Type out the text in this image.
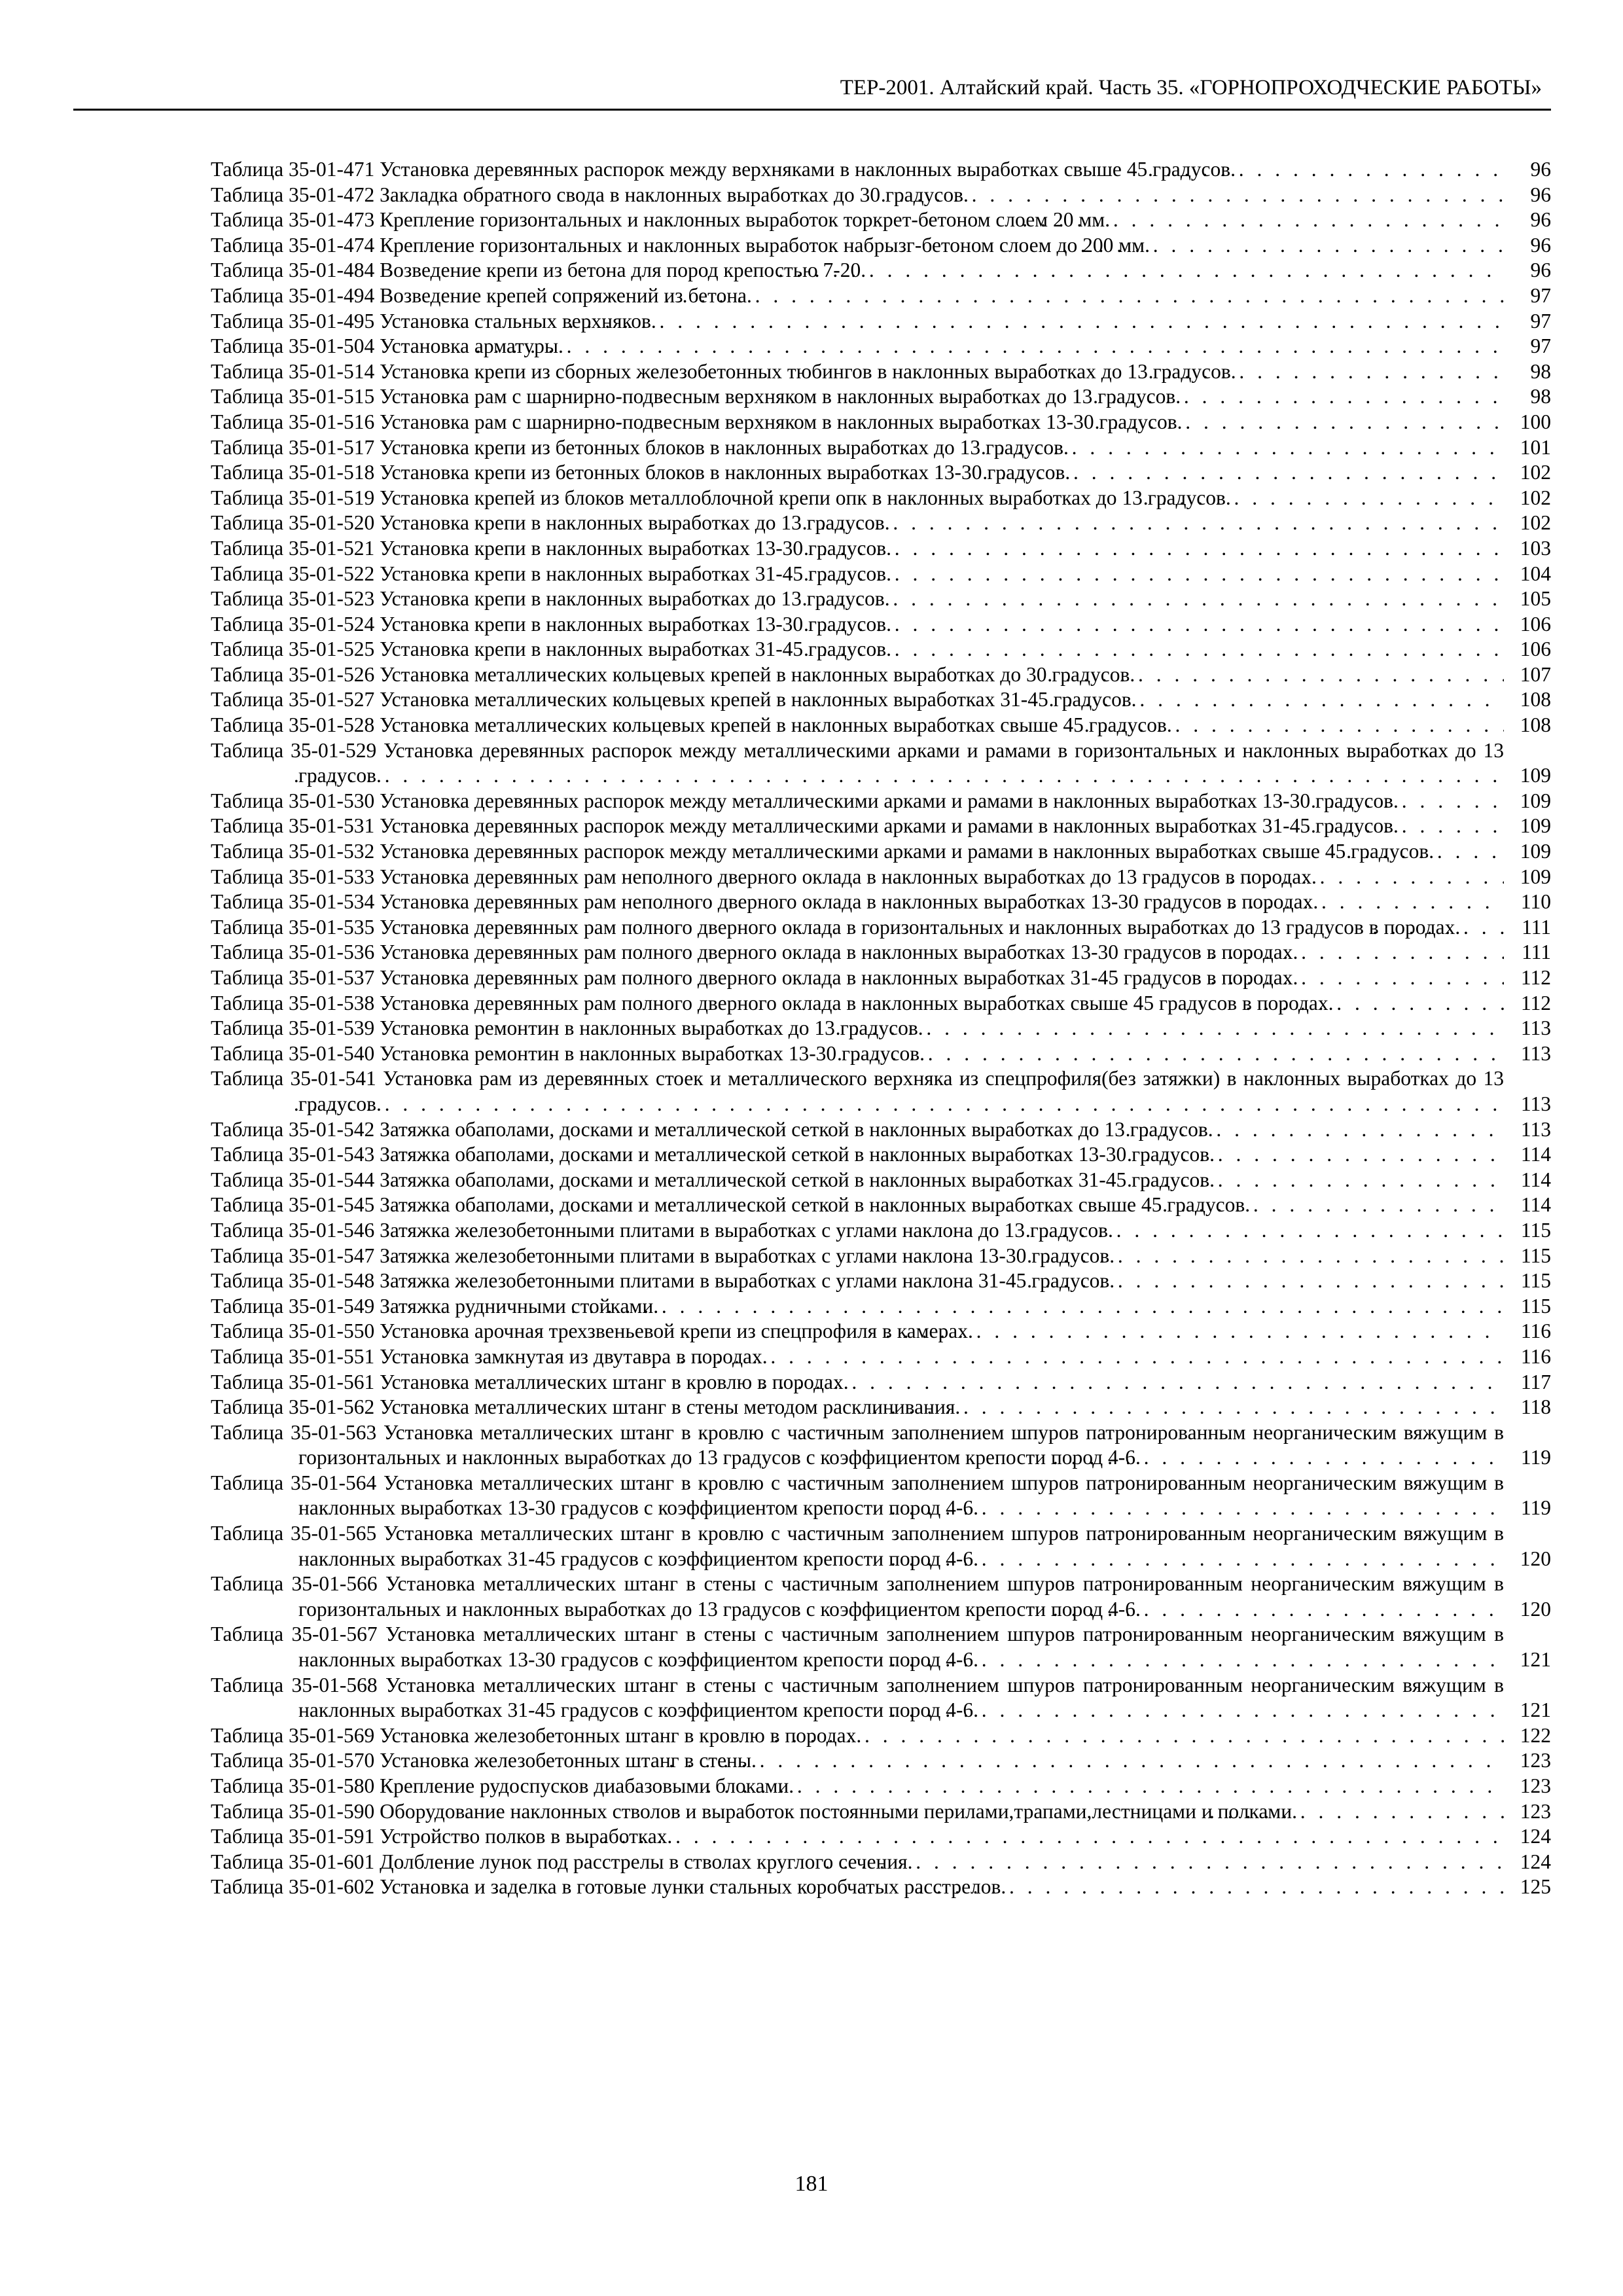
ТЕР-2001. Алтайский край. Часть 35. «ГОРНОПРОХОДЧЕСКИЕ РАБОТЫ»
Таблица 35-01-471 Установка деревянных распорок между верхняками в наклонных выработках свыше 45 градусов. . . .	96
Таблица 35-01-472 Закладка обратного свода в наклонных выработках до 30 градусов. . . .	96
Таблица 35-01-473 Крепление горизонтальных и наклонных выработок торкрет-бетоном слоем 20 мм. . . .	96
Таблица 35-01-474 Крепление горизонтальных и наклонных выработок набрызг-бетоном слоем до 200 мм. . . .	96
Таблица 35-01-484 Возведение крепи из бетона для пород крепостью 7-20. . . .	96
Таблица 35-01-494 Возведение крепей сопряжений из бетона. . . .	97
Таблица 35-01-495 Установка стальных верхняков. . . .	97
Таблица 35-01-504 Установка арматуры. . . .	97
Таблица 35-01-514 Установка крепи из сборных железобетонных тюбингов в наклонных выработках до 13 градусов. . . .	98
Таблица 35-01-515 Установка рам с шарнирно-подвесным верхняком в наклонных выработках до 13 градусов. . . .	98
Таблица 35-01-516 Установка рам с шарнирно-подвесным верхняком в наклонных выработках 13-30 градусов. . . .	100
Таблица 35-01-517 Установка крепи из бетонных блоков в наклонных выработках до 13 градусов. . . .	101
Таблица 35-01-518 Установка крепи из бетонных блоков в наклонных выработках 13-30 градусов. . . .	102
Таблица 35-01-519 Установка крепей из блоков металлоблочной крепи опк в наклонных выработках до 13 градусов. . . .	102
Таблица 35-01-520 Установка крепи в наклонных выработках до 13 градусов. . . .	102
Таблица 35-01-521 Установка крепи в наклонных выработках 13-30 градусов. . . .	103
Таблица 35-01-522 Установка крепи в наклонных выработках 31-45 градусов. . . .	104
Таблица 35-01-523 Установка крепи в наклонных выработках до 13 градусов. . . .	105
Таблица 35-01-524 Установка крепи в наклонных выработках 13-30 градусов. . . .	106
Таблица 35-01-525 Установка крепи в наклонных выработках 31-45 градусов. . . .	106
Таблица 35-01-526 Установка металлических кольцевых крепей в наклонных выработках до 30 градусов. . . .	107
Таблица 35-01-527 Установка металлических кольцевых крепей в наклонных выработках 31-45 градусов. . . .	108
Таблица 35-01-528 Установка металлических кольцевых крепей в наклонных выработках свыше 45 градусов. . . .	108
Таблица 35-01-529 Установка деревянных распорок между металлическими арками и рамами в горизонтальных и наклонных выработках до 13 градусов. . . .	109
Таблица 35-01-530 Установка деревянных распорок между металлическими арками и рамами в наклонных выработках 13-30 градусов. . . .	109
Таблица 35-01-531 Установка деревянных распорок между металлическими арками и рамами в наклонных выработках 31-45 градусов. . . .	109
Таблица 35-01-532 Установка деревянных распорок между металлическими арками и рамами в наклонных выработках свыше 45 градусов. . . .	109
Таблица 35-01-533 Установка деревянных рам неполного дверного оклада в наклонных выработках до 13 градусов в породах. . . .	109
Таблица 35-01-534 Установка деревянных рам неполного дверного оклада в наклонных выработках 13-30 градусов в породах. . . .	110
Таблица 35-01-535 Установка деревянных рам полного дверного оклада в горизонтальных и наклонных выработках до 13 градусов в породах. . . .	111
Таблица 35-01-536 Установка деревянных рам полного дверного оклада в наклонных выработках 13-30 градусов в породах. . . .	111
Таблица 35-01-537 Установка деревянных рам полного дверного оклада в наклонных выработках 31-45 градусов в породах. . . .	112
Таблица 35-01-538 Установка деревянных рам полного дверного оклада в наклонных выработках свыше 45 градусов в породах. . . .	112
Таблица 35-01-539 Установка ремонтин в наклонных выработках до 13 градусов. . . .	113
Таблица 35-01-540 Установка ремонтин в наклонных выработках 13-30 градусов. . . .	113
Таблица 35-01-541 Установка рам из деревянных стоек и металлического верхняка из спецпрофиля(без затяжки) в наклонных выработках до 13 градусов. . . .	113
Таблица 35-01-542 Затяжка обаполами, досками и металлической сеткой в наклонных выработках до 13 градусов. . . .	113
Таблица 35-01-543 Затяжка обаполами, досками и металлической сеткой в наклонных выработках 13-30 градусов. . . .	114
Таблица 35-01-544 Затяжка обаполами, досками и металлической сеткой в наклонных выработках 31-45 градусов. . . .	114
Таблица 35-01-545 Затяжка обаполами, досками и металлической сеткой в наклонных выработках свыше 45 градусов. . . .	114
Таблица 35-01-546 Затяжка железобетонными плитами в выработках с углами наклона до 13 градусов. . . .	115
Таблица 35-01-547 Затяжка железобетонными плитами в выработках с углами наклона 13-30 градусов. . . .	115
Таблица 35-01-548 Затяжка железобетонными плитами в выработках с углами наклона 31-45 градусов. . . .	115
Таблица 35-01-549 Затяжка рудничными стойками. . . .	115
Таблица 35-01-550 Установка арочная трехзвеньевой крепи из спецпрофиля в камерах. . . .	116
Таблица 35-01-551 Установка замкнутая из двутавра в породах. . . .	116
Таблица 35-01-561 Установка металлических штанг в кровлю в породах. . . .	117
Таблица 35-01-562 Установка металлических штанг в стены методом расклинивания. . . .	118
Таблица 35-01-563 Установка металлических штанг в кровлю с частичным заполнением шпуров патронированным неорганическим вяжущим в горизонтальных и наклонных выработках до 13 градусов с коэффициентом крепости пород 4-6. . . .	119
Таблица 35-01-564 Установка металлических штанг в кровлю с частичным заполнением шпуров патронированным неорганическим вяжущим в наклонных выработках 13-30 градусов с коэффициентом крепости пород 4-6. . . .	119
Таблица 35-01-565 Установка металлических штанг в кровлю с частичным заполнением шпуров патронированным неорганическим вяжущим в наклонных выработках 31-45 градусов с коэффициентом крепости пород 4-6. . . .	120
Таблица 35-01-566 Установка металлических штанг в стены с частичным заполнением шпуров патронированным неорганическим вяжущим в горизонтальных и наклонных выработках до 13 градусов с коэффициентом крепости пород 4-6. . . .	120
Таблица 35-01-567 Установка металлических штанг в стены с частичным заполнением шпуров патронированным неорганическим вяжущим в наклонных выработках 13-30 градусов с коэффициентом крепости пород 4-6. . . .	121
Таблица 35-01-568 Установка металлических штанг в стены с частичным заполнением шпуров патронированным неорганическим вяжущим в наклонных выработках 31-45 градусов с коэффициентом крепости пород 4-6. . . .	121
Таблица 35-01-569 Установка железобетонных штанг в кровлю в породах. . . .	122
Таблица 35-01-570 Установка железобетонных штанг в стены. . . .	123
Таблица 35-01-580 Крепление рудоспусков диабазовыми блоками. . . .	123
Таблица 35-01-590 Оборудование наклонных стволов и выработок постоянными перилами,трапами,лестницами и полками. . . .	123
Таблица 35-01-591 Устройство полков в выработках. . . .	124
Таблица 35-01-601 Долбление лунок под расстрелы в стволах круглого сечения. . . .	124
Таблица 35-01-602 Установка и заделка в готовые лунки стальных коробчатых расстрелов. . . .	125
181
